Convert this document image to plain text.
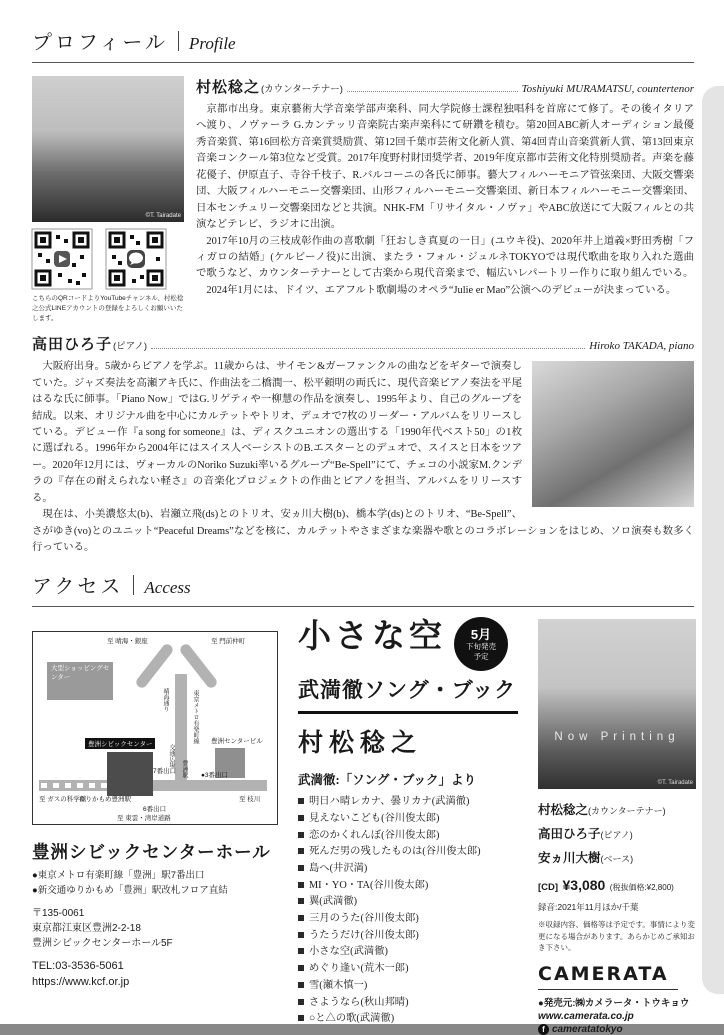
プロフィール Profile
©T. Tairadate
こちらのQRコードよりYouTubeチャンネル、村松稔之公式LINEアカウントの登録をよろしくお願いいたします。
村松稔之 (カウンターテナー)	Toshiyuki MURAMATSU, countertenor

京都市出身。東京藝術大学音楽学部声楽科、同大学院修士課程独唱科を首席にて修了。その後イタリアへ渡り、ノヴァーラ G.カンテッリ音楽院古楽声楽科にて研鑽を積む。第20回ABC新人オーディション最優秀音楽賞、第16回松方音楽賞奨励賞、第12回千葉市芸術文化新人賞、第4回青山音楽賞新人賞、第13回東京音楽コンクール第3位など受賞。2017年度野村財団奨学者、2019年度京都市芸術文化特別奨励者。声楽を藤花優子、伊原直子、寺谷千枝子、R.バルコーニの各氏に師事。藝大フィルハーモニア管弦楽団、大阪交響楽団、大阪フィルハーモニー交響楽団、山形フィルハーモニー交響楽団、新日本フィルハーモニー交響楽団、日本センチュリー交響楽団などと共演。NHK-FM「リサイタル・ノヴァ」やABC放送にて大阪フィルとの共演などテレビ、ラジオに出演。

2017年10月の三枝成彰作曲の喜歌劇「狂おしき真夏の一日」(ユウキ役)、2020年井上道義×野田秀樹「フィガロの結婚」(ケルビーノ役)に出演、またラ・フォル・ジュルネTOKYOでは現代歌曲を取り入れた選曲で歌うなど、カウンターテナーとして古楽から現代音楽まで、幅広いレパートリー作りに取り組んでいる。

2024年1月には、ドイツ、エアフルト歌劇場のオペラ“Julie er Mao”公演へのデビューが決まっている。

高田ひろ子 (ピアノ)	Hiroko TAKADA, piano

大阪府出身。5歳からピアノを学ぶ。11歳からは、サイモン&ガーファンクルの曲などをギターで演奏していた。ジャズ奏法を高瀬アキ氏に、作曲法を二橋潤一、松平頼明の両氏に、現代音楽ピアノ奏法を平尾はるな氏に師事。「Piano Now」ではG.リゲティや一柳慧の作品を演奏し、1995年より、自己のグループを結成。以来、オリジナル曲を中心にカルテットやトリオ、デュオで7枚のリーダー・アルバムをリリースしている。デビュー作『a song for someone』は、ディスクユニオンの選出する「1990年代ベスト50」の1枚に選ばれる。1996年から2004年にはスイス人ベーシストのB.エスターとのデュオで、スイスと日本をツアー。2020年12月には、ヴォーカルのNoriko Suzuki率いるグループ“Be-Spell”にて、チェコの小説家M.クンデラの『存在の耐えられない軽さ』の音楽化プロジェクトの作曲とピアノを担当、アルバムをリリースする。

現在は、小美濃悠太(b)、岩瀬立飛(ds)とのトリオ、安ヵ川大樹(b)、橋本学(ds)とのトリオ、“Be-Spell”、さがゆき(vo)とのユニット“Peaceful Dreams”などを核に、カルテットやさまざまな楽器や歌とのコラボレーションをはじめ、ソロ演奏も数多く行っている。

アクセス Access
至 晴海・銀座	至 門前仲町
大型ショッピングセンター
晴海通り	東京メトロ有楽町線
豊洲シビックセンター	豊洲センタービル
7番出口
交通広場
豊洲駅	●3番出口
ゆりかもめ豊洲駅
6番出口
至 ガスの科学館	至 枝川
至 東雲・湾岸道路
豊洲シビックセンターホール
●東京メトロ有楽町線「豊洲」駅7番出口
●新交通ゆりかもめ「豊洲」駅改札フロア直結
〒135-0061
東京都江東区豊洲2-2-18
豊洲シビックセンターホール5F
TEL:03-3536-5061
https://www.kcf.or.jp
小さな空	5月
下旬発売
予定
武満徹ソング・ブック
村松稔之
武満徹:「ソング・ブック」より
明日ハ晴レカナ、曇リカナ(武満徹)
見えないこども(谷川俊太郎)
恋のかくれんぼ(谷川俊太郎)
死んだ男の残したものは(谷川俊太郎)
島へ(井沢満)
MI・YO・TA(谷川俊太郎)
翼(武満徹)
三月のうた(谷川俊太郎)
うたうだけ(谷川俊太郎)
小さな空(武満徹)
めぐり逢い(荒木一郎)
雪(瀬木慎一)
さようなら(秋山邦晴)
○と△の歌(武満徹)
Now Printing
©T. Tairadate
村松稔之(カウンターテナー)
高田ひろ子(ピアノ)
安ヵ川大樹(ベース)
[CD] ¥3,080 (税抜価格:¥2,800)
録音:2021年11月ほか/千葉
※収録内容、価格等は予定です。事情により変更になる場合があります。あらかじめご承知おき下さい。
CAMERATA
●発売元:㈱カメラータ・トウキョウ
www.camerata.co.jp
f cameratatokyo
